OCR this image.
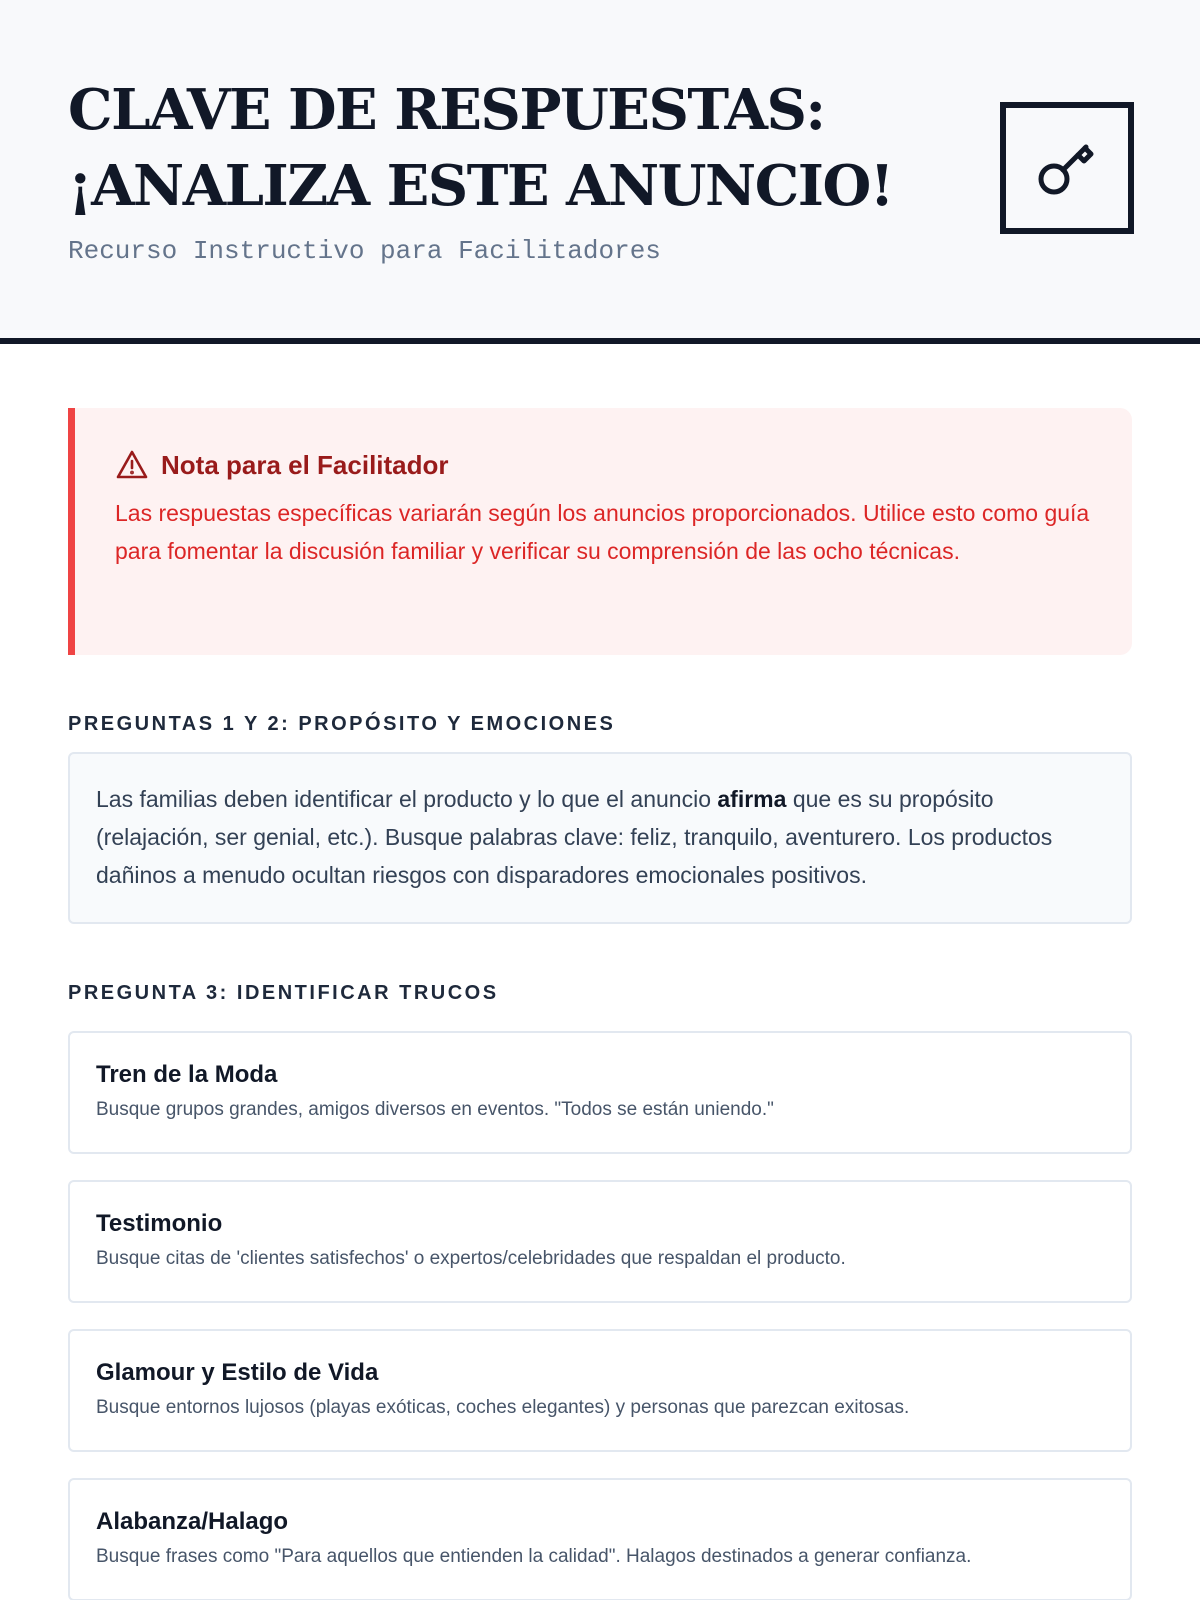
CLAVE DE RESPUESTAS:
¡ANALIZA ESTE ANUNCIO!
Recurso Instructivo para Facilitadores
Nota para el Facilitador

Las respuestas específicas variarán según los anuncios proporcionados. Utilice esto como guía para fomentar la discusión familiar y verificar su comprensión de las ocho técnicas.

PREGUNTAS 1 Y 2: PROPÓSITO Y EMOCIONES
Las familias deben identificar el producto y lo que el anuncio afirma que es su propósito (relajación, ser genial, etc.). Busque palabras clave: feliz, tranquilo, aventurero. Los productos dañinos a menudo ocultan riesgos con disparadores emocionales positivos.
PREGUNTA 3: IDENTIFICAR TRUCOS
Tren de la Moda
Busque grupos grandes, amigos diversos en eventos. "Todos se están uniendo."
Testimonio
Busque citas de 'clientes satisfechos' o expertos/celebridades que respaldan el producto.
Glamour y Estilo de Vida
Busque entornos lujosos (playas exóticas, coches elegantes) y personas que parezcan exitosas.
Alabanza/Halago
Busque frases como "Para aquellos que entienden la calidad". Halagos destinados a generar confianza.
